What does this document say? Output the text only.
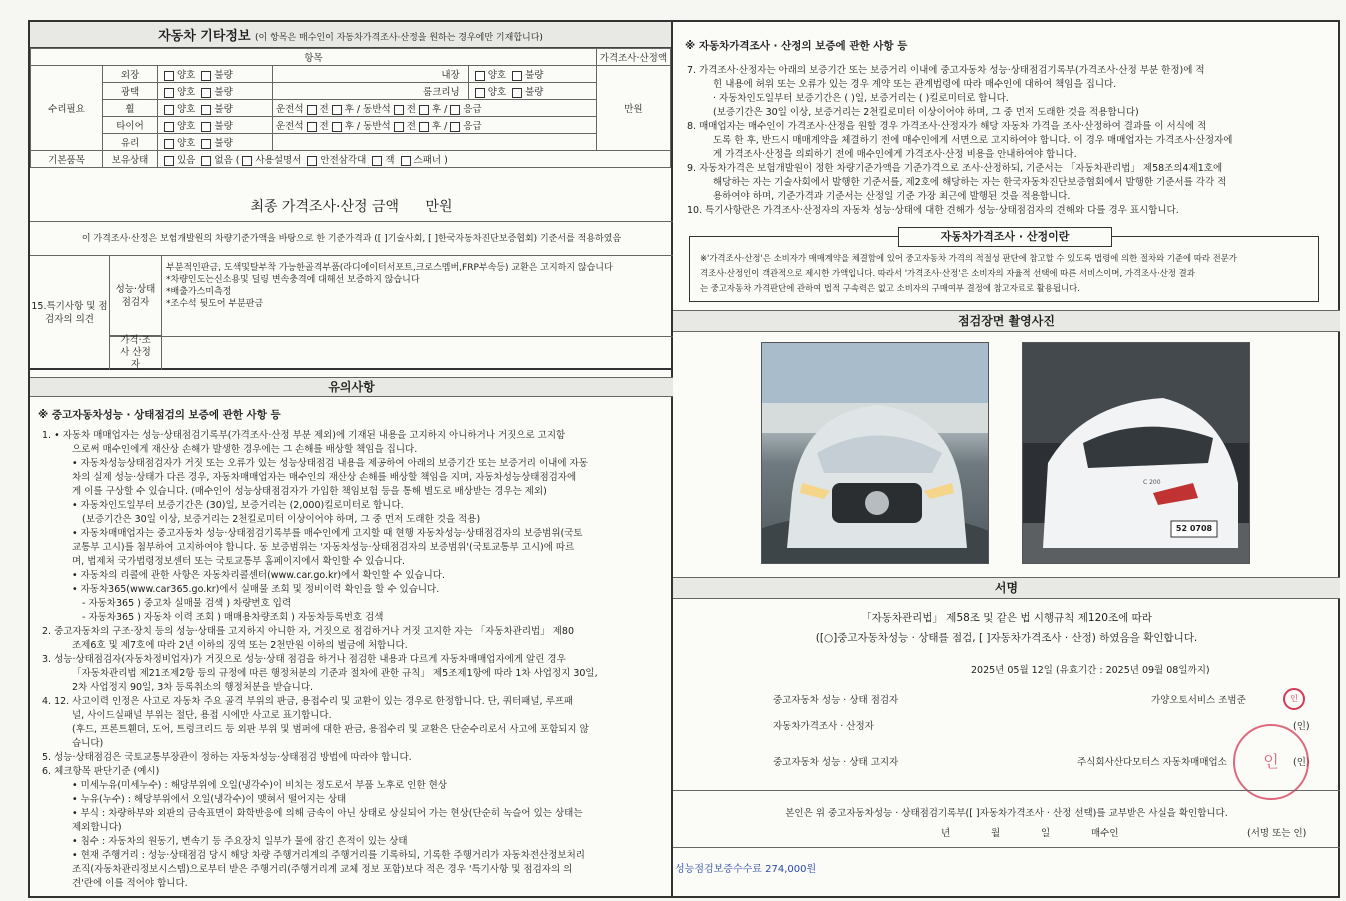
자동차 기타정보 (이 항목은 매수인이 자동차가격조사·산정을 원하는 경우에만 기재합니다)
항목					가격조사·산정액
수리필요	외장	양호 불량	내장	양호 불량	만원
	광택	양호 불량	룸크리닝	양호 불량	
	휠	양호 불량	운전석 전 후 / 동반석 전 후 / 응급		
	타이어	양호 불량	운전석 전 후 / 동반석 전 후 / 응급		
	유리	양호 불량			
기본품목	보유상태	있음 없음 ( 사용설명서 안전삼각대 잭 스패너 )			
최종 가격조사·산정 금액 만원
이 가격조사·산정은 보험개발원의 차량기준가액을 바탕으로 한 기준가격과 ([ ]기술사회, [ ]한국자동차진단보증협회) 기준서를 적용하였음
15.특기사항 및 점검자의 의견
성능·상태 점검자

부분적인판금, 도색및탈부착 가능한골격부품(라디에이터서포트,크로스멤버,FRP부속등) 교환은 고지하지 않습니다

*차량인도는신소용및 딜링 변속충격에 대해선 보증하지 않습니다

*배출가스미측정

*조수석 뒷도어 부분판금

가격·조사 산정자
유의사항
※ 중고자동차성능 · 상태점검의 보증에 관한 사항 등

1. • 자동차 매매업자는 성능·상태점검기록부(가격조사·산정 부분 제외)에 기재된 내용을 고지하지 아니하거나 거짓으로 고지함

으로써 매수인에게 재산상 손해가 발생한 경우에는 그 손해를 배상할 책임을 집니다.

• 자동차성능상태점검자가 거짓 또는 오류가 있는 성능상태점검 내용을 제공하여 아래의 보증기간 또는 보증거리 이내에 자동

차의 실제 성능·상태가 다른 경우, 자동차매매업자는 매수인의 재산상 손해를 배상할 책임을 지며, 자동차성능상태점검자에

게 이를 구상할 수 있습니다. (매수인이 성능상태점검자가 가입한 책임보험 등을 통해 별도로 배상받는 경우는 제외)

• 자동차인도일부터 보증기간은 (30)일, 보증거리는 (2,000)킬로미터로 합니다.

(보증기간은 30일 이상, 보증거리는 2천킬로미터 이상이어야 하며, 그 중 먼저 도래한 것을 적용)

• 자동차매매업자는 중고자동차 성능·상태점검기록부를 매수인에게 고지할 때 현행 자동차성능·상태점검자의 보증범위(국토

교통부 고시)를 첨부하여 고지하여야 합니다. 동 보증범위는 '자동차성능·상태점검자의 보증범위'(국토교통부 고시)에 따르

며, 법제처 국가법령정보센터 또는 국토교통부 홈페이지에서 확인할 수 있습니다.

• 자동차의 리콜에 관한 사항은 자동차리콜센터(www.car.go.kr)에서 확인할 수 있습니다.

• 자동차365(www.car365.go.kr)에서 실매물 조회 및 정비이력 확인을 할 수 있습니다.

- 자동차365 ) 중고차 실매물 검색 ) 차량번호 입력

- 자동차365 ) 자동차 이력 조회 ) 매매용차량조회 ) 자동차등록번호 검색

2. 중고자동차의 구조·장치 등의 성능·상태를 고지하지 아니한 자, 거짓으로 점검하거나 거짓 고지한 자는 「자동차관리법」 제80

조제6호 및 제7호에 따라 2년 이하의 징역 또는 2천만원 이하의 벌금에 처합니다.

3. 성능·상태점검자(자동차정비업자)가 거짓으로 성능·상태 점검을 하거나 점검한 내용과 다르게 자동차매매업자에게 알린 경우

「자동차관리법 제21조제2항 등의 규정에 따른 행정처분의 기준과 절차에 관한 규칙」 제5조제1항에 따라 1차 사업정지 30일,

2차 사업정지 90일, 3차 등록취소의 행정처분을 받습니다.

4. 12. 사고이력 인정은 사고로 자동차 주요 골격 부위의 판금, 용접수리 및 교환이 있는 경우로 한정합니다. 단, 쿼터패널, 루프패

널, 사이드실패널 부위는 절단, 용접 시에만 사고로 표기합니다.

(후드, 프론트휀더, 도어, 트렁크리드 등 외판 부위 및 범퍼에 대한 판금, 용접수리 및 교환은 단순수리로서 사고에 포함되지 않

습니다)

5. 성능·상태점검은 국토교통부장관이 정하는 자동차성능·상태점검 방법에 따라야 합니다.

6. 체크항목 판단기준 (예시)

• 미세누유(미세누수) : 해당부위에 오일(냉각수)이 비치는 정도로서 부품 노후로 인한 현상

• 누유(누수) : 해당부위에서 오일(냉각수)이 맺혀서 떨어지는 상태

• 부식 : 차량하부와 외판의 금속표면이 화학반응에 의해 금속이 아닌 상태로 상실되어 가는 현상(단순히 녹슬어 있는 상태는

제외합니다)

• 침수 : 자동차의 원동기, 변속기 등 주요장치 일부가 물에 잠긴 흔적이 있는 상태

• 현재 주행거리 : 성능·상태점검 당시 해당 차량 주행거리계의 주행거리를 기록하되, 기록한 주행거리가 자동차전산정보처리

조직(자동차관리정보시스템)으로부터 받은 주행거리(주행거리계 교체 정보 포함)보다 적은 경우 '특기사항 및 점검자의 의

견'란에 이를 적어야 합니다.

※ 자동차가격조사 · 산정의 보증에 관한 사항 등

7. 가격조사·산정자는 아래의 보증기간 또는 보증거리 이내에 중고자동차 성능·상태점검기록부(가격조사·산정 부분 한정)에 적

힌 내용에 허위 또는 오류가 있는 경우 계약 또는 관계법령에 따라 매수인에 대하여 책임을 집니다.

· 자동차인도일부터 보증기간은 ( )일, 보증거리는 ( )킬로미터로 합니다.

(보증기간은 30일 이상, 보증거리는 2천킬로미터 이상이어야 하며, 그 중 먼저 도래한 것을 적용합니다)

8. 매매업자는 매수인이 가격조사·산정을 원할 경우 가격조사·산정자가 해당 자동차 가격을 조사·산정하여 결과를 이 서식에 적

도록 한 후, 반드시 매매계약을 체결하기 전에 매수인에게 서면으로 고지하여야 합니다. 이 경우 매매업자는 가격조사·산정자에

게 가격조사·산정을 의뢰하기 전에 매수인에게 가격조사·산정 비용을 안내하여야 합니다.

9. 자동차가격은 보험개발원이 정한 차량기준가액을 기준가격으로 조사·산정하되, 기준서는 「자동차관리법」 제58조의4제1호에

해당하는 자는 기술사회에서 발행한 기준서를, 제2호에 해당하는 자는 한국자동차진단보증협회에서 발행한 기준서를 각각 적

용하여야 하며, 기준가격과 기준서는 산정일 기준 가장 최근에 발행된 것을 적용합니다.

10. 특기사항란은 가격조사·산정자의 자동차 성능·상태에 대한 견해가 성능·상태점검자의 견해와 다를 경우 표시합니다.

자동차가격조사 · 산정이란

※'가격조사·산정'은 소비자가 매매계약을 체결함에 있어 중고자동차 가격의 적절성 판단에 참고할 수 있도록 법령에 의한 절차와 기준에 따라 전문가

격조사·산정인이 객관적으로 제시한 가액입니다. 따라서 '가격조사·산정'은 소비자의 자율적 선택에 따른 서비스이며, 가격조사·산정 결과

는 중고자동차 가격판단에 관하여 법적 구속력은 없고 소비자의 구매여부 결정에 참고자료로 활용됩니다.

점검장면 촬영사진
52 0708
C 200
서명
「자동차관리법」 제58조 및 같은 법 시행규칙 제120조에 따라
([○]중고자동차성능 · 상태를 점검, [ ]자동차가격조사 · 산정) 하였음을 확인합니다.
2025년 05월 12일 (유효기간 : 2025년 09월 08일까지)
중고자동차 성능 · 상태 점검자	가양오토서비스 조범준	인
자동차가격조사 · 산정자	(인)
중고자동차 성능 · 상태 고지자	주식회사산다모터스 자동차매매업소	(인)
인
본인은 위 중고자동차성능 · 상태점검기록부([ ]자동차가격조사 · 산정 선택)를 교부받은 사실을 확인합니다.
년	월	일	매수인	(서명 또는 인)
성능점검보증수수료 274,000원
